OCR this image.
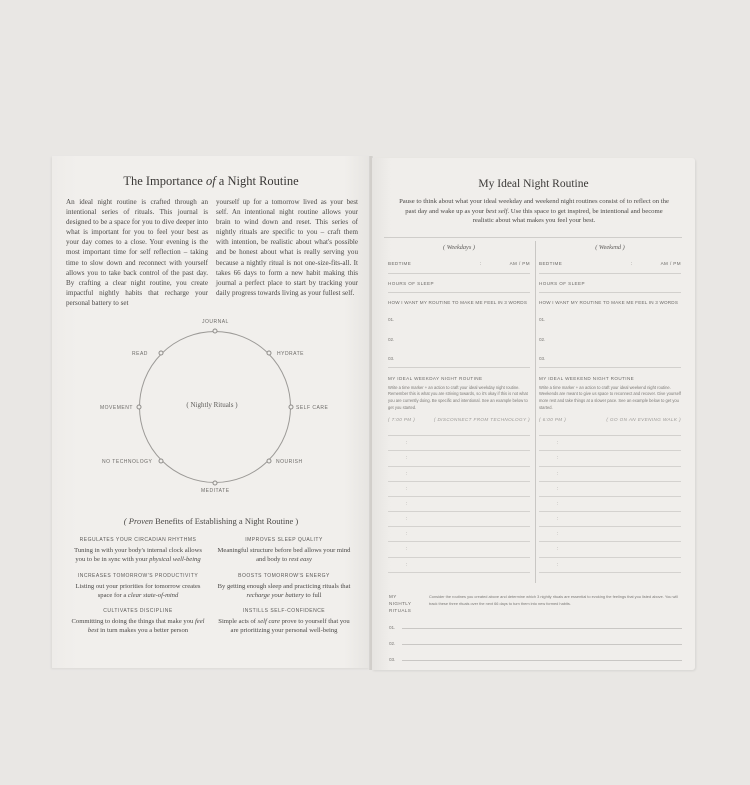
The Importance of a Night Routine

An ideal night routine is crafted through an intentional series of rituals. This journal is designed to be a space for you to dive deeper into what is important for you to feel your best as your day comes to a close. Your evening is the most important time for self reflection – taking time to slow down and reconnect with yourself allows you to take back control of the past day. By crafting a clear night routine, you create impactful nightly habits that recharge your personal battery to set

yourself up for a tomorrow lived as your best self. An intentional night routine allows your brain to wind down and reset. This series of nightly rituals are specific to you – craft them with intention, be realistic about what's possible and be honest about what is really serving you because a nightly ritual is not one-size-fits-all. It takes 66 days to form a new habit making this journal a perfect place to start by tracking your daily progress towards living as your fullest self.

JOURNAL
HYDRATE
SELF CARE
NOURISH
MEDITATE
NO TECHNOLOGY
MOVEMENT
READ
( Nightly Rituals )
( Proven Benefits of Establishing a Night Routine )
REGULATES YOUR CIRCADIAN RHYTHMS

Tuning in with your body's internal clock allows you to be in sync with your physical well-being

IMPROVES SLEEP QUALITY

Meaningful structure before bed allows your mind and body to rest easy

INCREASES TOMORROW'S PRODUCTIVITY

Listing out your priorities for tomorrow creates space for a clear state-of-mind

BOOSTS TOMORROW'S ENERGY

By getting enough sleep and practicing rituals that recharge your battery to full

CULTIVATES DISCIPLINE

Committing to doing the things that make you feel best in turn makes you a better person

INSTILLS SELF-CONFIDENCE

Simple acts of self care prove to yourself that you are prioritizing your personal well-being

My Ideal Night Routine
Pause to think about what your ideal weekday and weekend night routines consist of to reflect on the past day and wake up as your best self. Use this space to get inspired, be intentional and become realistic about what makes you feel your best.
( Weekdays )
BEDTIME	:	AM / PM
HOURS OF SLEEP
HOW I WANT MY ROUTINE TO MAKE ME FEEL IN 3 WORDS
01.
02.
03.
MY IDEAL WEEKDAY NIGHT ROUTINE
Write a time marker + an action to craft your ideal weekday night routine. Remember this is what you are striving towards, so it's okay if this is not what you are currently doing. Be specific and intentional. See an example below to get you started.
( 7:00 PM )	( DISCONNECT FROM TECHNOLOGY )
:
:
:
:
:
:
:
:
:
( Weekend )
BEDTIME	:	AM / PM
HOURS OF SLEEP
HOW I WANT MY ROUTINE TO MAKE ME FEEL IN 3 WORDS
01.
02.
03.
MY IDEAL WEEKEND NIGHT ROUTINE
Write a time marker + an action to craft your ideal weekend night routine. Weekends are meant to give us space to reconnect and recover. Give yourself more rest and take things at a slower pace. See an example below to get you started.
( 6:00 PM )	( GO ON AN EVENING WALK )
:
:
:
:
:
:
:
:
:
MY NIGHTLY RITUALS
Consider the routines you created above and determine which 3 nightly rituals are essential to evoking the feelings that you listed above. You will track these three rituals over the next 66 days to turn them into new formed habits.
01.
02.
03.
